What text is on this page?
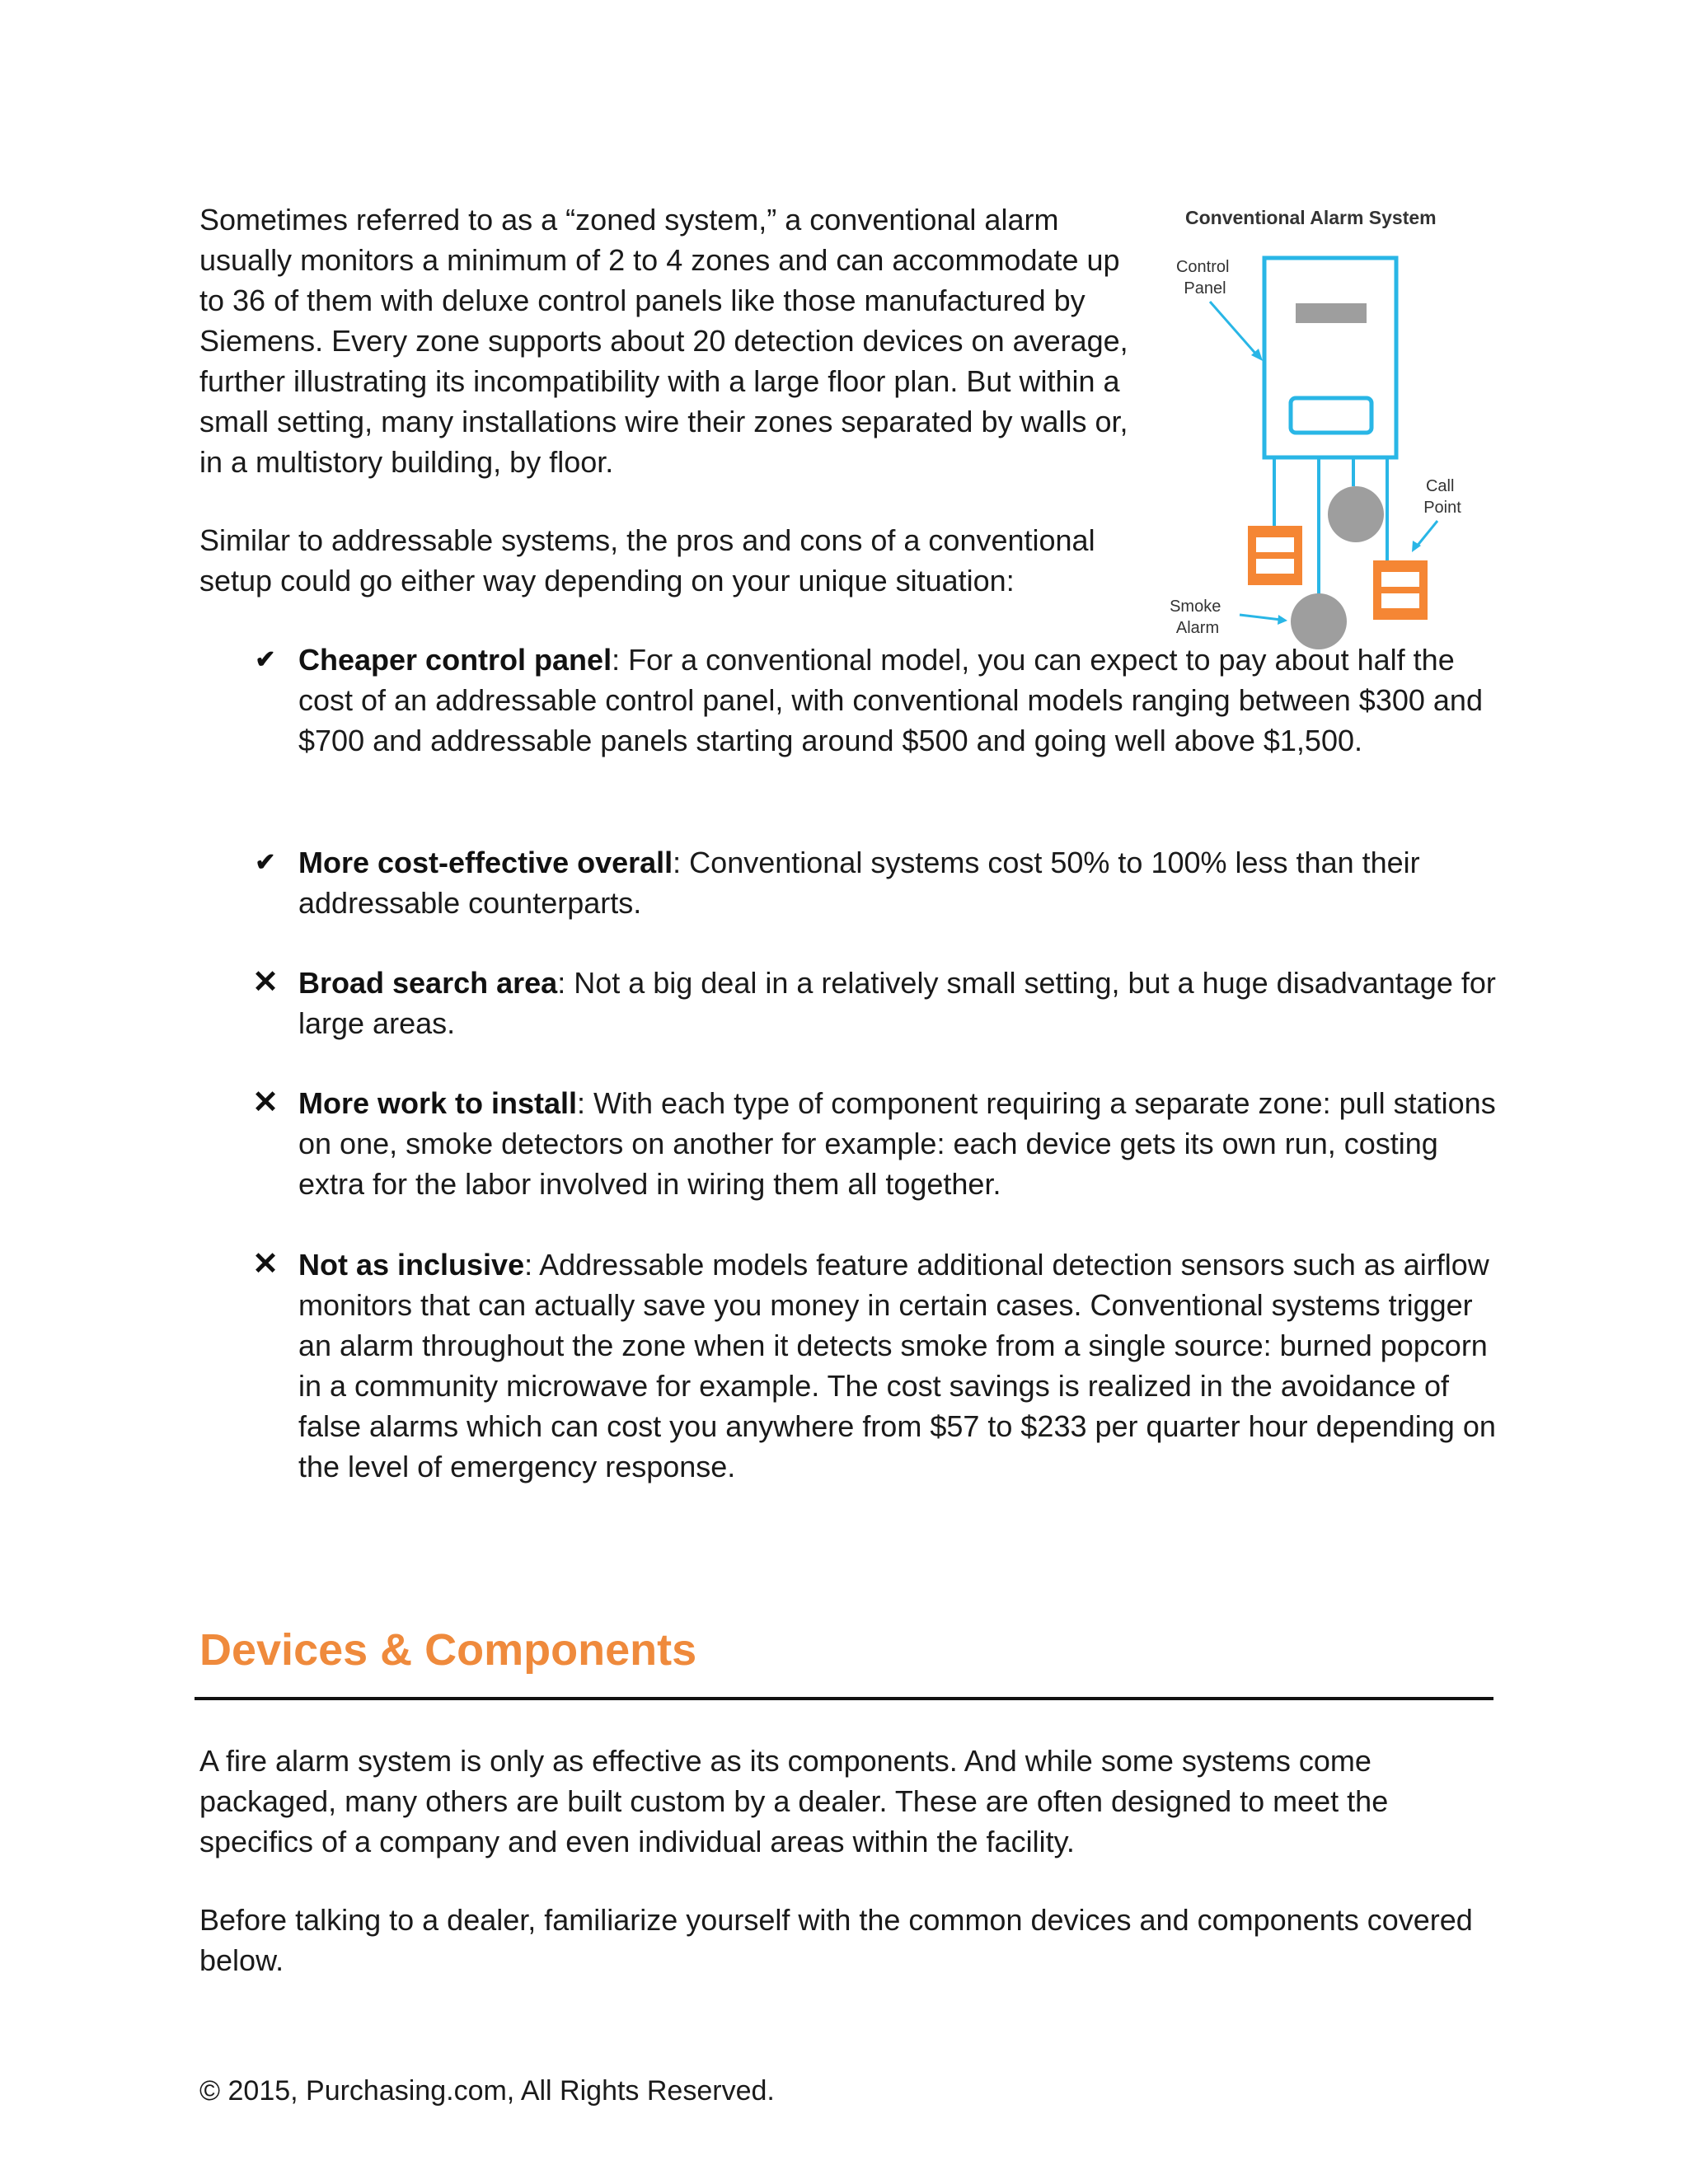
Sometimes referred to as a “zoned system,” a conventional alarm usually monitors a minimum of 2 to 4 zones and can accommodate up to 36 of them with deluxe control panels like those manufactured by Siemens. Every zone supports about 20 detection devices on average, further illustrating its incompatibility with a large floor plan. But within a small setting, many installations wire their zones separated by walls or, in a multistory building, by floor.

Similar to addressable systems, the pros and cons of a conventional setup could go either way depending on your unique situation:

Conventional Alarm System
Control Panel
Call Point
Smoke Alarm
✔ Cheaper control panel: For a conventional model, you can expect to pay about half the cost of an addressable control panel, with conventional models ranging between $300 and $700 and addressable panels starting around $500 and going well above $1,500.

✔ More cost-effective overall: Conventional systems cost 50% to 100% less than their addressable counterparts.

✕ Broad search area: Not a big deal in a relatively small setting, but a huge disadvantage for large areas.

✕ More work to install: With each type of component requiring a separate zone: pull stations on one, smoke detectors on another for example: each device gets its own run, costing extra for the labor involved in wiring them all together.

✕ Not as inclusive: Addressable models feature additional detection sensors such as airflow monitors that can actually save you money in certain cases. Conventional systems trigger an alarm throughout the zone when it detects smoke from a single source: burned popcorn in a community microwave for example. The cost savings is realized in the avoidance of false alarms which can cost you anywhere from $57 to $233 per quarter hour depending on the level of emergency response.

Devices & Components

A fire alarm system is only as effective as its components. And while some systems come packaged, many others are built custom by a dealer. These are often designed to meet the specifics of a company and even individual areas within the facility.

Before talking to a dealer, familiarize yourself with the common devices and components covered below.

© 2015, Purchasing.com, All Rights Reserved.
